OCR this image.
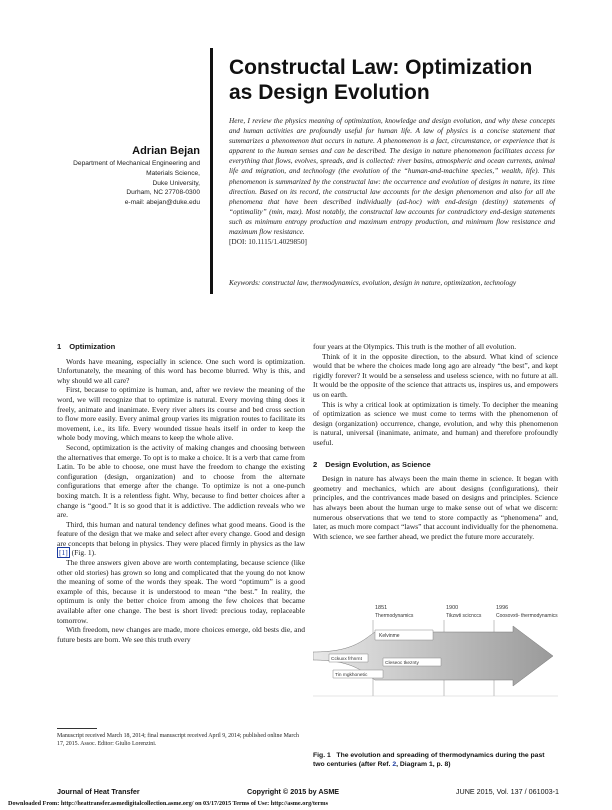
Constructal Law: Optimization
as Design Evolution
Adrian Bejan
Department of Mechanical Engineering and
Materials Science,
Duke University,
Durham, NC 27708-0300
e-mail: abejan@duke.edu
Here, I review the physics meaning of optimization, knowledge and design evolution, and why these concepts and human activities are profoundly useful for human life. A law of physics is a concise statement that summarizes a phenomenon that occurs in nature. A phenomenon is a fact, circumstance, or experience that is apparent to the human senses and can be described. The design in nature phenomenon facilitates access for everything that flows, evolves, spreads, and is collected: river basins, atmospheric and ocean currents, animal life and migration, and technology (the evolution of the “human-and-machine species,” wealth, life). This phenomenon is summarized by the constructal law: the occurrence and evolution of designs in nature, its time direction. Based on its record, the constructal law accounts for the design phenomenon and also for all the phenomena that have been described individually (ad-hoc) with end-design (destiny) statements of “optimality” (min, max). Most notably, the constructal law accounts for contradictory end-design statements such as minimum entropy production and maximum entropy production, and minimum flow resistance and maximum flow resistance.
[DOI: 10.1115/1.4029850]
Keywords: constructal law, thermodynamics, evolution, design in nature, optimization, technology
1 Optimization

Words have meaning, especially in science. One such word is optimization. Unfortunately, the meaning of this word has become blurred. Why is this, and why should we all care?

First, because to optimize is human, and, after we review the meaning of the word, we will recognize that to optimize is natural. Every moving thing does it freely, animate and inanimate. Every river alters its course and bed cross section to flow more easily. Every animal group varies its migration routes to facilitate its movement, i.e., its life. Every wounded tissue heals itself in order to keep the whole body moving, which means to keep the whole alive.

Second, optimization is the activity of making changes and choosing between the alternatives that emerge. To opt is to make a choice. It is a verb that came from Latin. To be able to choose, one must have the freedom to change the existing configuration (design, organization) and to choose from the alternate configurations that emerge after the change. To optimize is not a one-punch boxing match. It is a relentless fight. Why, because to find better choices after a change is “good.” It is so good that it is addictive. The addiction reveals who we are.

Third, this human and natural tendency defines what good means. Good is the feature of the design that we make and select after every change. Good and design are concepts that belong in physics. They were placed firmly in physics as the law [1] (Fig. 1).

The three answers given above are worth contemplating, because science (like other old stories) has grown so long and complicated that the young do not know the meaning of some of the words they speak. The word “optimum” is a good example of this, because it is understood to mean “the best.” In reality, the optimum is only the better choice from among the few choices that became available after one change. The best is short lived: precious today, replaceable tomorrow.

With freedom, new changes are made, more choices emerge, old bests die, and future bests are born. We see this truth every

Manuscript received March 18, 2014; final manuscript received April 9, 2014; published online March 17, 2015. Assoc. Editor: Giulio Lorenzini.

four years at the Olympics. This truth is the mother of all evolution.

Think of it in the opposite direction, to the absurd. What kind of science would that be where the choices made long ago are already “the best”, and kept rigidly forever? It would be a senseless and useless science, with no future at all. It would be the opposite of the science that attracts us, inspires us, and empowers us on earth.

This is why a critical look at optimization is timely. To decipher the meaning of optimization as science we must come to terms with the phenomenon of design (organization) occurrence, change, evolution, and why this phenomenon is natural, universal (inanimate, animate, and human) and therefore profoundly useful.

2 Design Evolution, as Science

Design in nature has always been the main theme in science. It began with geometry and mechanics, which are about designs (configurations), their principles, and the contrivances made based on designs and principles. Science has always been about the human urge to make sense out of what we discern: numerous observations that we tend to store compactly as “phenomena” and, later, as much more compact “laws” that account individually for the phenomena. With science, we see farther ahead, we predict the future more accurately.

1851	1900	1996
Thermodynamics	Tikzwti scicnccs	Coosovxti- thermodynamics
Kelvinme
Cckuxx frhnrnt
Cleseoc tkeznty
Tin mgkhonetic
Fig. 1 The evolution and spreading of thermodynamics during the past two centuries (after Ref. 2, Diagram 1, p. 8)
Journal of Heat Transfer	Copyright © 2015 by ASME	JUNE 2015, Vol. 137 / 061003-1
Downloaded From: http://heattransfer.asmedigitalcollection.asme.org/ on 03/17/2015 Terms of Use: http://asme.org/terms
